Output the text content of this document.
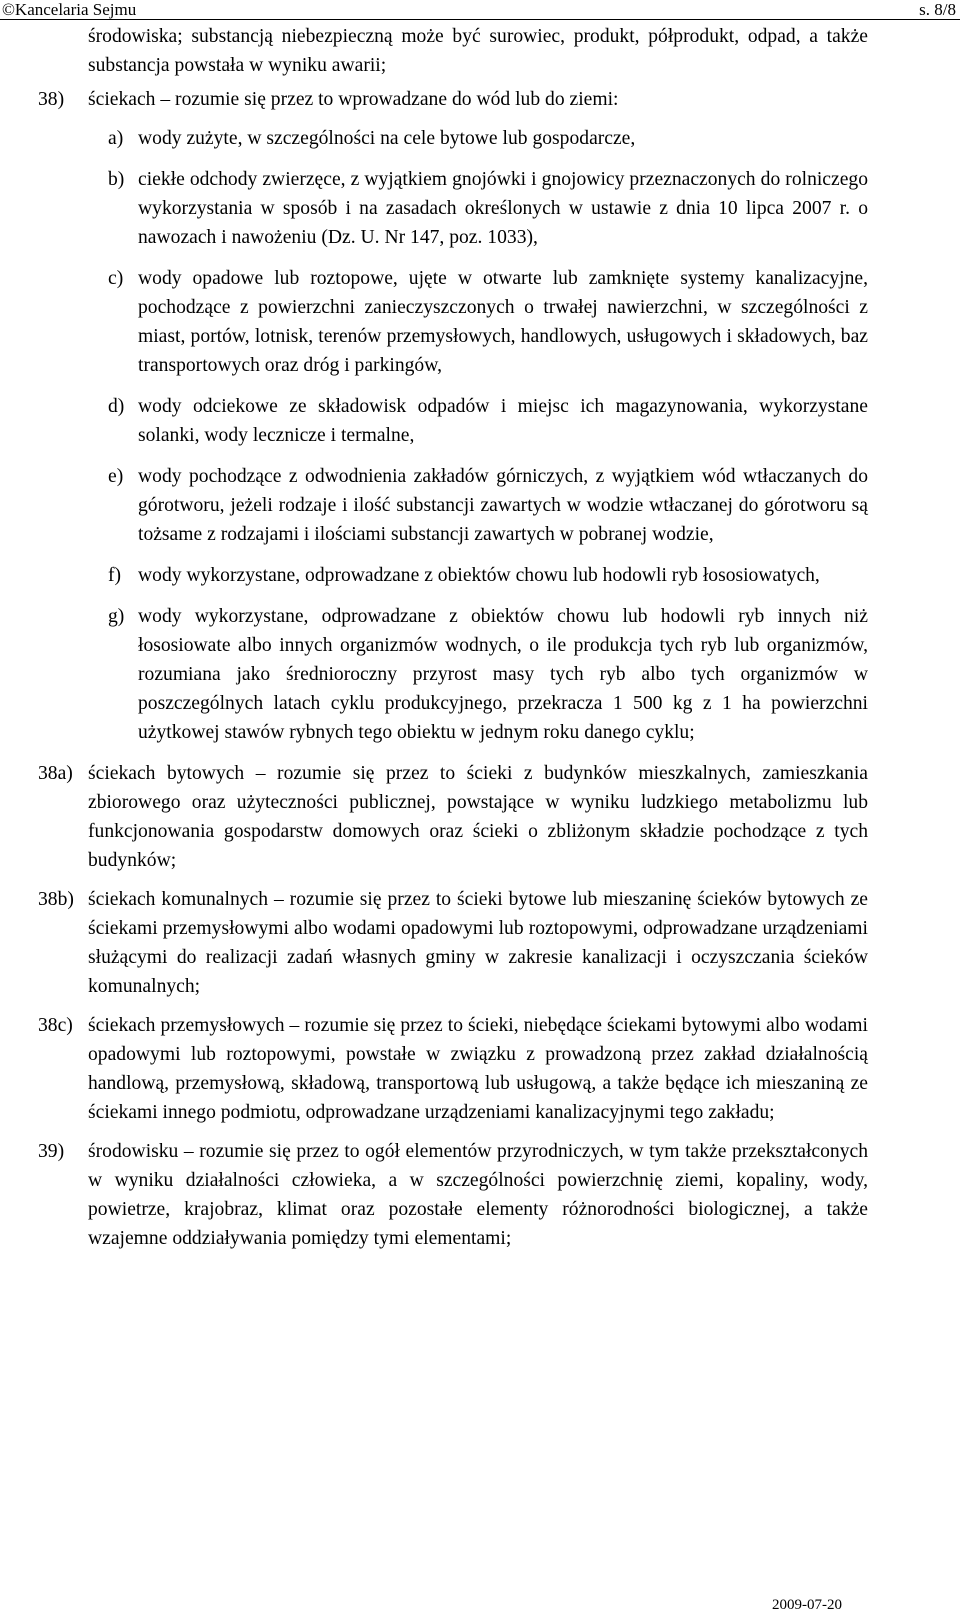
©Kancelaria Sejmu	s. 8/8
środowiska; substancją niebezpieczną może być surowiec, produkt, półprodukt, odpad, a także substancja powstała w wyniku awarii;
38)	ściekach – rozumie się przez to wprowadzane do wód lub do ziemi:
a) wody zużyte, w szczególności na cele bytowe lub gospodarcze,
b) ciekłe odchody zwierzęce, z wyjątkiem gnojówki i gnojowicy przeznaczonych do rolniczego wykorzystania w sposób i na zasadach określonych w ustawie z dnia 10 lipca 2007 r. o nawozach i nawożeniu (Dz. U. Nr 147, poz. 1033),
c) wody opadowe lub roztopowe, ujęte w otwarte lub zamknięte systemy kanalizacyjne, pochodzące z powierzchni zanieczyszczonych o trwałej nawierzchni, w szczególności z miast, portów, lotnisk, terenów przemysłowych, handlowych, usługowych i składowych, baz transportowych oraz dróg i parkingów,
d) wody odciekowe ze składowisk odpadów i miejsc ich magazynowania, wykorzystane solanki, wody lecznicze i termalne,
e) wody pochodzące z odwodnienia zakładów górniczych, z wyjątkiem wód wtłaczanych do górotworu, jeżeli rodzaje i ilość substancji zawartych w wodzie wtłaczanej do górotworu są tożsame z rodzajami i ilościami substancji zawartych w pobranej wodzie,
f) wody wykorzystane, odprowadzane z obiektów chowu lub hodowli ryb łososiowatych,
g) wody wykorzystane, odprowadzane z obiektów chowu lub hodowli ryb innych niż łososiowate albo innych organizmów wodnych, o ile produkcja tych ryb lub organizmów, rozumiana jako średnioroczny przyrost masy tych ryb albo tych organizmów w poszczególnych latach cyklu produkcyjnego, przekracza 1 500 kg z 1 ha powierzchni użytkowej stawów rybnych tego obiektu w jednym roku danego cyklu;
38a) ściekach bytowych – rozumie się przez to ścieki z budynków mieszkalnych, zamieszkania zbiorowego oraz użyteczności publicznej, powstające w wyniku ludzkiego metabolizmu lub funkcjonowania gospodarstw domowych oraz ścieki o zbliżonym składzie pochodzące z tych budynków;
38b) ściekach komunalnych – rozumie się przez to ścieki bytowe lub mieszaninę ścieków bytowych ze ściekami przemysłowymi albo wodami opadowymi lub roztopowymi, odprowadzane urządzeniami służącymi do realizacji zadań własnych gminy w zakresie kanalizacji i oczyszczania ścieków komunalnych;
38c) ściekach przemysłowych – rozumie się przez to ścieki, niebędące ściekami bytowymi albo wodami opadowymi lub roztopowymi, powstałe w związku z prowadzoną przez zakład działalnością handlową, przemysłową, składową, transportową lub usługową, a także będące ich mieszaniną ze ściekami innego podmiotu, odprowadzane urządzeniami kanalizacyjnymi tego zakładu;
39)	środowisku – rozumie się przez to ogół elementów przyrodniczych, w tym także przekształconych w wyniku działalności człowieka, a w szczególności powierzchnię ziemi, kopaliny, wody, powietrze, krajobraz, klimat oraz pozostałe elementy różnorodności biologicznej, a także wzajemne oddziaływania pomiędzy tymi elementami;
2009-07-20
